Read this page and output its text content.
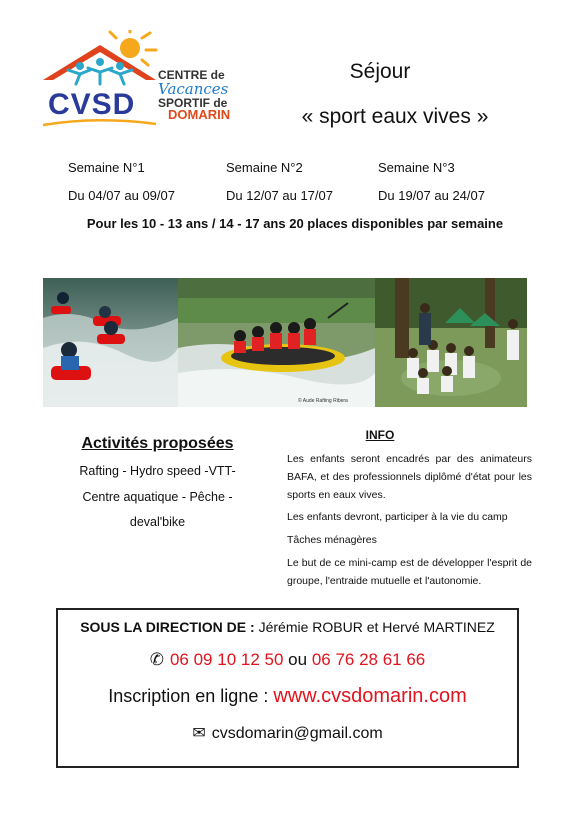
CVSD
CENTRE de
Vacances
SPORTIF de
DOMARIN
Séjour
« sport eaux vives »
Semaine N°1
Du 04/07 au 09/07
Semaine N°2
Du 12/07 au 17/07
Semaine N°3
Du 19/07 au 24/07
Pour les 10 - 13 ans / 14 - 17 ans 20 places disponibles par semaine
© Aude Rafting Ribera
Activités proposées
Rafting - Hydro speed -VTT-
Centre aquatique - Pêche -
deval'bike
INFO
Les enfants seront encadrés par des animateurs BAFA, et des professionnels diplômé d'état pour les sports en eaux vives.
Les enfants devront, participer à la vie du camp
Tâches ménagères
Le but de ce mini-camp est de développer l'esprit de groupe, l'entraide mutuelle et l'autonomie.
SOUS LA DIRECTION DE : Jérémie ROBUR et Hervé MARTINEZ
✆ 06 09 10 12 50 ou 06 76 28 61 66
Inscription en ligne : www.cvsdomarin.com
✉ cvsdomarin@gmail.com
